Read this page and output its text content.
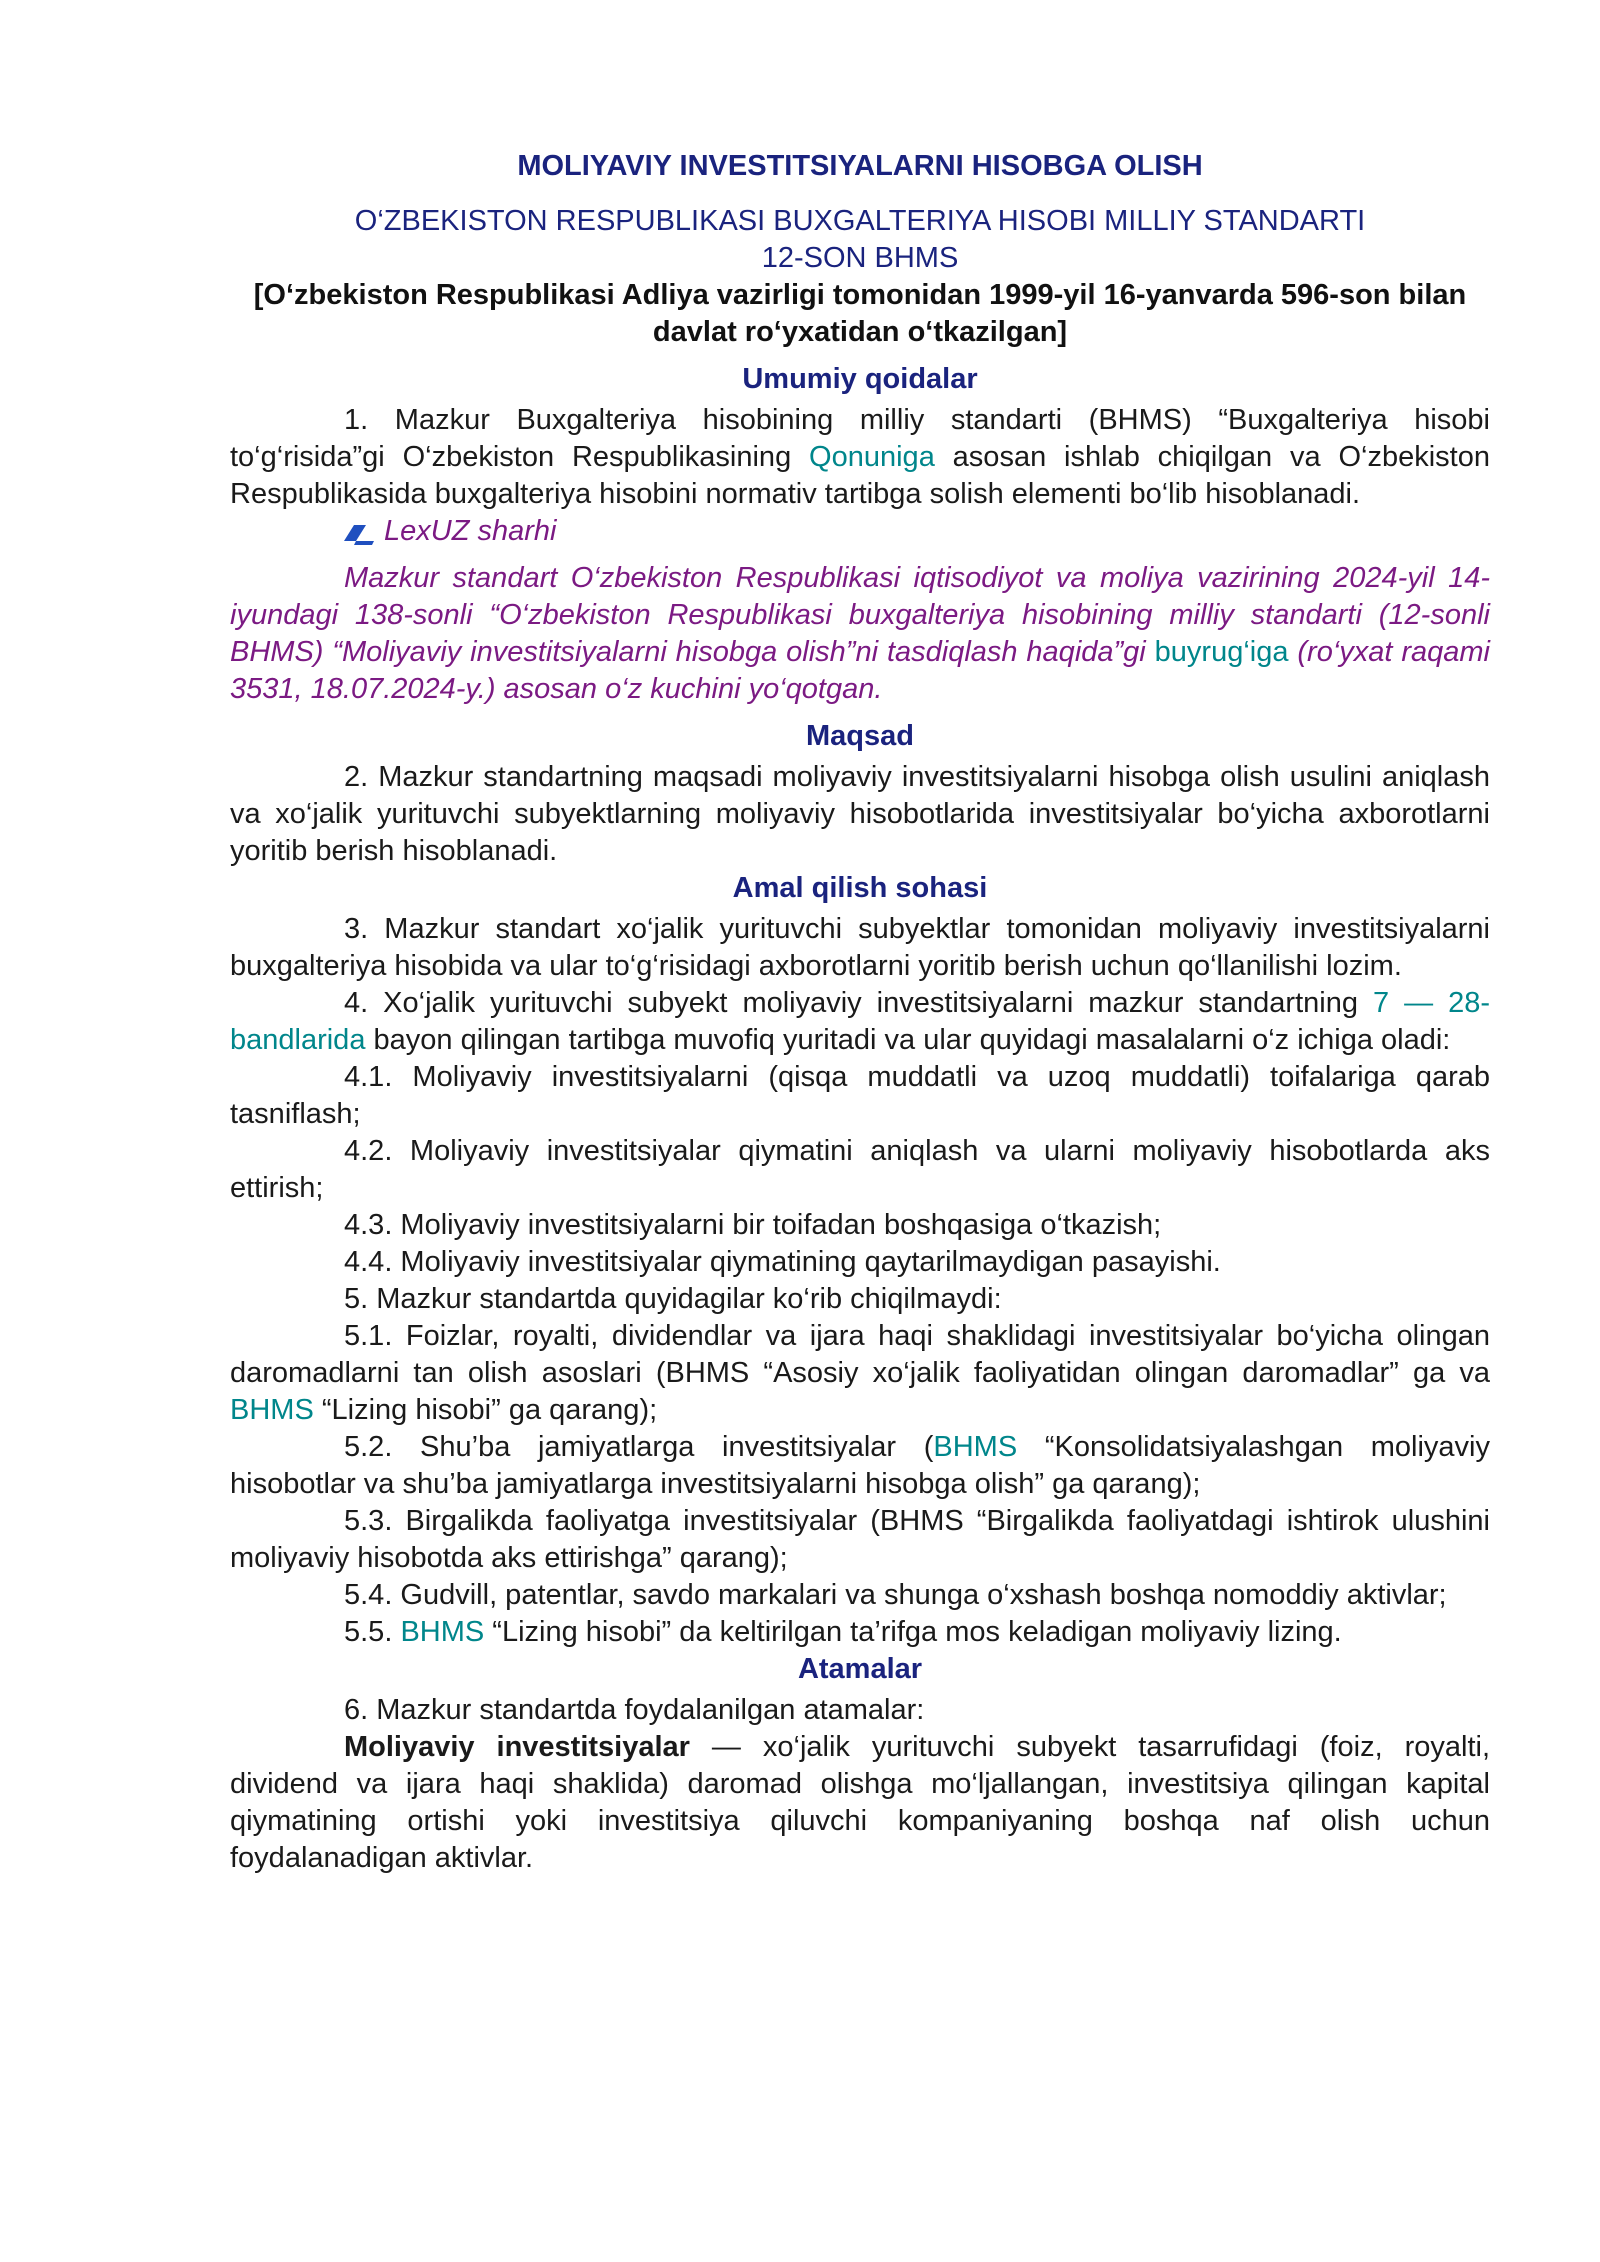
MOLIYAVIY INVESTITSIYALARNI HISOBGA OLISH
O‘ZBEKISTON RESPUBLIKASI BUXGALTERIYA HISOBI MILLIY STANDARTI
12-SON BHMS
[O‘zbekiston Respublikasi Adliya vazirligi tomonidan 1999-yil 16-yanvarda 596-son bilan davlat ro‘yxatidan o‘tkazilgan]
Umumiy qoidalar

1. Mazkur Buxgalteriya hisobining milliy standarti (BHMS) “Buxgalteriya hisobi to‘g‘risida”gi O‘zbekiston Respublikasining Qonuniga asosan ishlab chiqilgan va O‘zbekiston Respublikasida buxgalteriya hisobini normativ tartibga solish elementi bo‘lib hisoblanadi.

LexUZ sharhi

Mazkur standart O‘zbekiston Respublikasi iqtisodiyot va moliya vazirining 2024-yil 14-iyundagi 138-sonli “O‘zbekiston Respublikasi buxgalteriya hisobining milliy standarti (12-sonli BHMS) “Moliyaviy investitsiyalarni hisobga olish”ni tasdiqlash haqida”gi buyrug‘iga (ro‘yxat raqami 3531, 18.07.2024-y.) asosan o‘z kuchini yo‘qotgan.

Maqsad

2. Mazkur standartning maqsadi moliyaviy investitsiyalarni hisobga olish usulini aniqlash va xo‘jalik yurituvchi subyektlarning moliyaviy hisobotlarida investitsiyalar bo‘yicha axborotlarni yoritib berish hisoblanadi.

Amal qilish sohasi

3. Mazkur standart xo‘jalik yurituvchi subyektlar tomonidan moliyaviy investitsiyalarni buxgalteriya hisobida va ular to‘g‘risidagi axborotlarni yoritib berish uchun qo‘llanilishi lozim.

4. Xo‘jalik yurituvchi subyekt moliyaviy investitsiyalarni mazkur standartning 7 — 28-bandlarida bayon qilingan tartibga muvofiq yuritadi va ular quyidagi masalalarni o‘z ichiga oladi:

4.1. Moliyaviy investitsiyalarni (qisqa muddatli va uzoq muddatli) toifalariga qarab tasniflash;

4.2. Moliyaviy investitsiyalar qiymatini aniqlash va ularni moliyaviy hisobotlarda aks ettirish;

4.3. Moliyaviy investitsiyalarni bir toifadan boshqasiga o‘tkazish;

4.4. Moliyaviy investitsiyalar qiymatining qaytarilmaydigan pasayishi.

5. Mazkur standartda quyidagilar ko‘rib chiqilmaydi:

5.1. Foizlar, royalti, dividendlar va ijara haqi shaklidagi investitsiyalar bo‘yicha olingan daromadlarni tan olish asoslari (BHMS “Asosiy xo‘jalik faoliyatidan olingan daromadlar” ga va BHMS “Lizing hisobi” ga qarang);

5.2. Shu’ba jamiyatlarga investitsiyalar (BHMS “Konsolidatsiyalashgan moliyaviy hisobotlar va shu’ba jamiyatlarga investitsiyalarni hisobga olish” ga qarang);

5.3. Birgalikda faoliyatga investitsiyalar (BHMS “Birgalikda faoliyatdagi ishtirok ulushini moliyaviy hisobotda aks ettirishga” qarang);

5.4. Gudvill, patentlar, savdo markalari va shunga o‘xshash boshqa nomoddiy aktivlar;

5.5. BHMS “Lizing hisobi” da keltirilgan ta’rifga mos keladigan moliyaviy lizing.

Atamalar

6. Mazkur standartda foydalanilgan atamalar:

Moliyaviy investitsiyalar — xo‘jalik yurituvchi subyekt tasarrufidagi (foiz, royalti, dividend va ijara haqi shaklida) daromad olishga mo‘ljallangan, investitsiya qilingan kapital qiymatining ortishi yoki investitsiya qiluvchi kompaniyaning boshqa naf olish uchun foydalanadigan aktivlar.
